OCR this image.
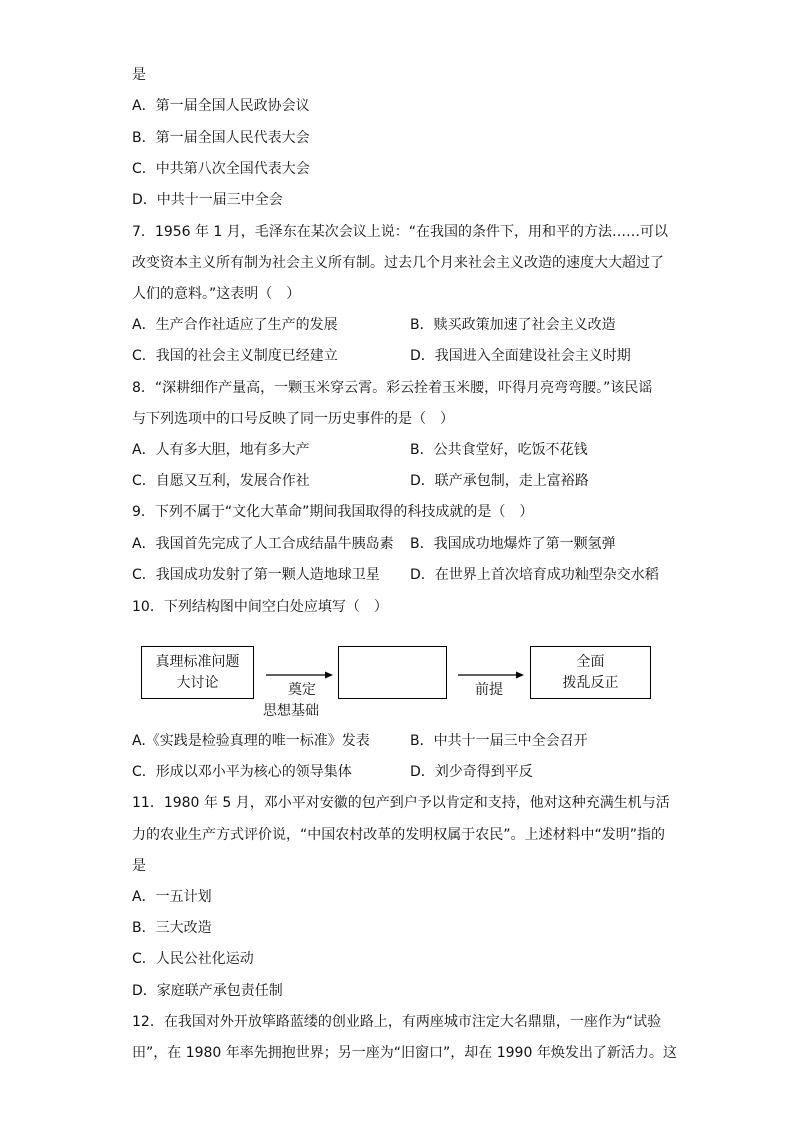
是
A．第一届全国人民政协会议
B．第一届全国人民代表大会
C．中共第八次全国代表大会
D．中共十一届三中全会
7．1956 年 1 月，毛泽东在某次会议上说：“在我国的条件下，用和平的方法……可以
改变资本主义所有制为社会主义所有制。过去几个月来社会主义改造的速度大大超过了
人们的意料。”这表明（　）
A．生产合作社适应了生产的发展	B．赎买政策加速了社会主义改造
C．我国的社会主义制度已经建立	D．我国进入全面建设社会主义时期
8．“深耕细作产量高，一颗玉米穿云霄。彩云拴着玉米腰，吓得月亮弯弯腰。”该民谣
与下列选项中的口号反映了同一历史事件的是（　）
A．人有多大胆，地有多大产	B．公共食堂好，吃饭不花钱
C．自愿又互利，发展合作社	D．联产承包制，走上富裕路
9．下列不属于“文化大革命”期间我国取得的科技成就的是（　）
A．我国首先完成了人工合成结晶牛胰岛素 B．我国成功地爆炸了第一颗氢弹
C．我国成功发射了第一颗人造地球卫星 D．在世界上首次培育成功籼型杂交水稻
10．下列结构图中间空白处应填写（　）
真理标准问题
大讨论
全面
拨乱反正
奠定
思想基础
前提
A.《实践是检验真理的唯一标准》发表	B．中共十一届三中全会召开
C．形成以邓小平为核心的领导集体	D．刘少奇得到平反
11．1980 年 5 月，邓小平对安徽的包产到户予以肯定和支持，他对这种充满生机与活
力的农业生产方式评价说，“中国农村改革的发明权属于农民”。上述材料中“发明”指的
是
A．一五计划
B．三大改造
C．人民公社化运动
D．家庭联产承包责任制
12．在我国对外开放筚路蓝缕的创业路上，有两座城市注定大名鼎鼎，一座作为“试验
田”，在 1980 年率先拥抱世界；另一座为“旧窗口”，却在 1990 年焕发出了新活力。这
